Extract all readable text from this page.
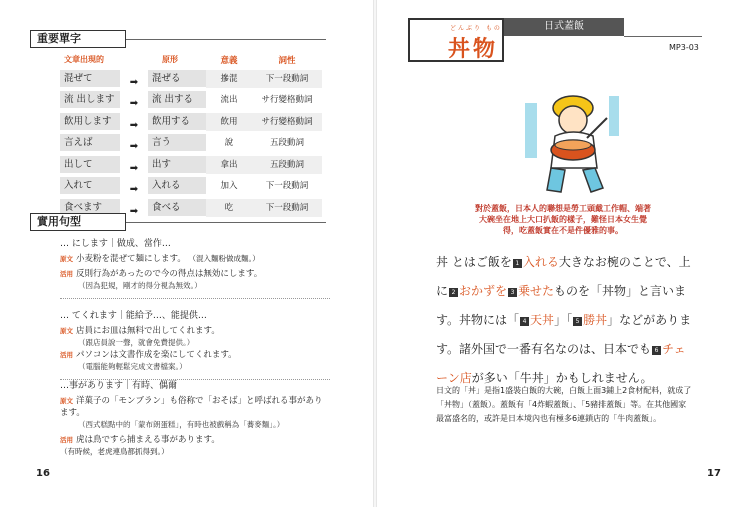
重要單字
文章出現的	原形	意義	詞性
混ぜて	➡	混ぜる	摻混	下一段動詞
流 出します	➡	流 出する	流出	サ行變格動詞
飲用します	➡	飲用する	飲用	サ行變格動詞
言えば	➡	言う	說	五段動詞
出して	➡	出す	拿出	五段動詞
入れて	➡	入れる	加入	下一段動詞
食べます	➡	食べる	吃	下一段動詞
實用句型
… にします｜做成、當作…
原文 小麦粉を混ぜて麺にします。 （混入麵粉做成麵。）
活用 反則行為があったので今の得点は無効にします。
（因為犯規，剛才的得分視為無效。）
… てくれます｜能給予…、能提供…
原文 店員にお皿は無料で出してくれます。
（跟店員說一聲，就會免費提供。）
活用 パソコンは文書作成を楽にしてくれます。
（電腦能夠輕鬆完成文書檔案。）
…事があります｜有時、偶爾
原文 洋菓子の「モンブラン」も俗称で「おそば」と呼ばれる事があります。
（西式糕點中的「蒙布朗蛋糕」，有時也被戲稱為「蕎麥麵」。）
活用 虎は鳥ですら捕まえる事があります。 （有時候，老虎連鳥都抓得到。）
16
どんぶり もの
丼物
日式蓋飯
MP3-03
對於蓋飯，日本人的聯想是勞工頭戴工作帽、端著大碗坐在地上大口扒飯的樣子，難怪日本女生覺得，吃蓋飯實在不是件優雅的事。
丼 とはご飯を 1 入れる大きなお椀のことで、上に 2 おかずを 3 乗せたものを「丼物」と言います。丼物には「 4 天丼」「 5 勝丼」などがあります。諸外国で一番有名なのは、日本でも 6 チェーン店が多い「牛丼」かもしれません。
日文的「丼」是指1盛裝白飯的大碗，白飯上面3鋪上2食材配料，就成了「丼物」（蓋飯）。蓋飯有「4炸蝦蓋飯」、「5豬排蓋飯」等。在其他國家最富盛名的，或許是日本境內也有極多6連鎖店的「牛肉蓋飯」。
17
